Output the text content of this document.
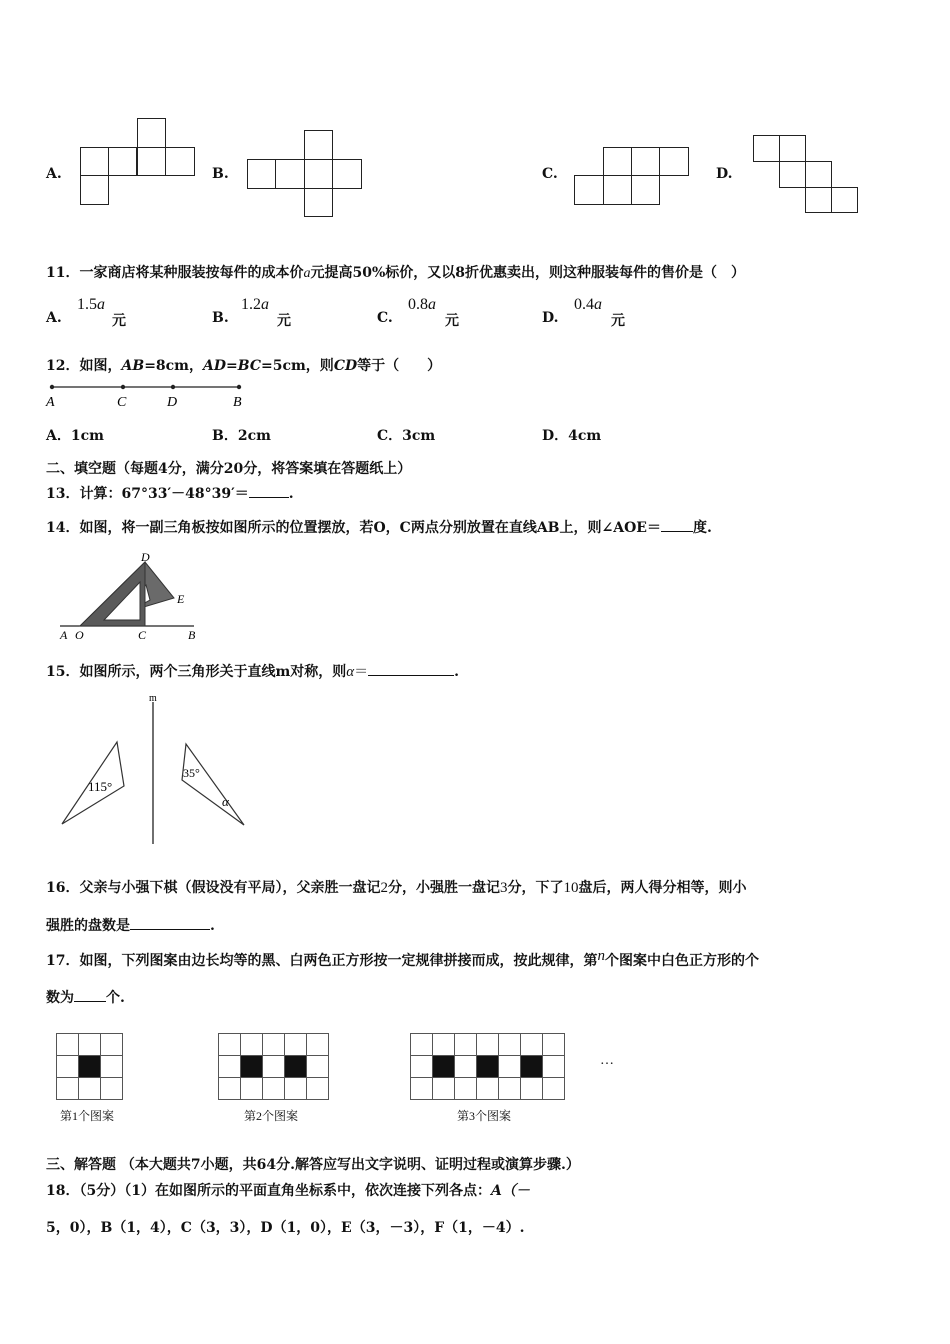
A.	B.	C.	D.
11．一家商店将某种服装按每件的成本价a元提高50%标价，又以8折优惠卖出，则这种服装每件的售价是（　）
A.
1.5a
元	B.
1.2a
元	C.
0.8a
元	D.
0.4a
元
12．如图，AB=8cm，AD=BC=5cm，则CD等于（　　）
A	C	D	B
A．1cm	B．2cm	C．3cm	D．4cm
二、填空题（每题4分，满分20分，将答案填在答题纸上）
13．计算：67°33′－48°39′＝	.
14．如图，将一副三角板按如图所示的位置摆放，若O，C两点分别放置在直线AB上，则∠AOE＝ 度.
D
E
A O	C	B
15．如图所示，两个三角形关于直线m对称，则α＝	.
m
115°
35°
α
16．父亲与小强下棋（假设没有平局），父亲胜一盘记2分，小强胜一盘记3分，下了10盘后，两人得分相等，则小
强胜的盘数是	.
17．如图，下列图案由边长均等的黑、白两色正方形按一定规律拼接而成，按此规律，第n个图案中白色正方形的个
数为 个.
第1个图案	第2个图案	第3个图案
…
三、解答题 （本大题共7小题，共64分.解答应写出文字说明、证明过程或演算步骤.）
18．（5分）（1）在如图所示的平面直角坐标系中，依次连接下列各点：A（－
5，0），B（1，4），C（3，3），D（1，0），E（3，－3），F（1，－4）.
